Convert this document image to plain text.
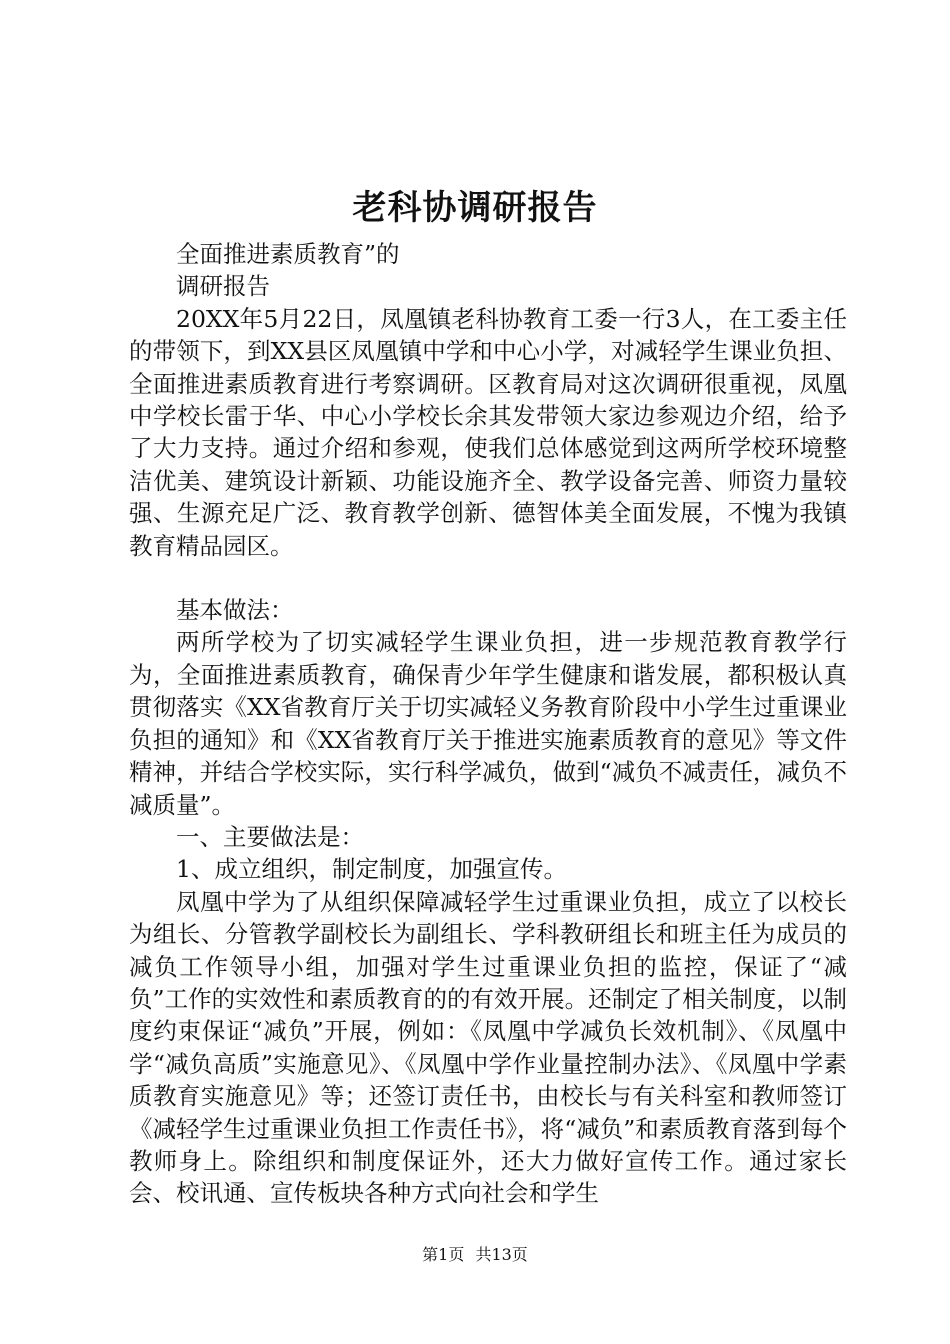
老科协调研报告

全面推进素质教育”的

调研报告

20XX年5月22日，凤凰镇老科协教育工委一行3人，在工委主任的带领下，到XX县区凤凰镇中学和中心小学，对减轻学生课业负担、全面推进素质教育进行考察调研。区教育局对这次调研很重视，凤凰中学校长雷于华、中心小学校长余其发带领大家边参观边介绍，给予了大力支持。通过介绍和参观，使我们总体感觉到这两所学校环境整洁优美、建筑设计新颖、功能设施齐全、教学设备完善、师资力量较强、生源充足广泛、教育教学创新、德智体美全面发展，不愧为我镇教育精品园区。

基本做法：

两所学校为了切实减轻学生课业负担，进一步规范教育教学行为，全面推进素质教育，确保青少年学生健康和谐发展，都积极认真贯彻落实《XX省教育厅关于切实减轻义务教育阶段中小学生过重课业负担的通知》和《XX省教育厅关于推进实施素质教育的意见》等文件精神，并结合学校实际，实行科学减负，做到“减负不减责任，减负不减质量”。

一、主要做法是：

1、成立组织，制定制度，加强宣传。

凤凰中学为了从组织保障减轻学生过重课业负担，成立了以校长为组长、分管教学副校长为副组长、学科教研组长和班主任为成员的减负工作领导小组，加强对学生过重课业负担的监控，保证了“减负”工作的实效性和素质教育的的有效开展。还制定了相关制度，以制度约束保证“减负”开展，例如：《凤凰中学减负长效机制》、《凤凰中学“减负高质”实施意见》、《凤凰中学作业量控制办法》、《凤凰中学素质教育实施意见》等；还签订责任书，由校长与有关科室和教师签订《减轻学生过重课业负担工作责任书》，将“减负”和素质教育落到每个教师身上。除组织和制度保证外，还大力做好宣传工作。通过家长会、校讯通、宣传板块各种方式向社会和学生

第1页 共13页
